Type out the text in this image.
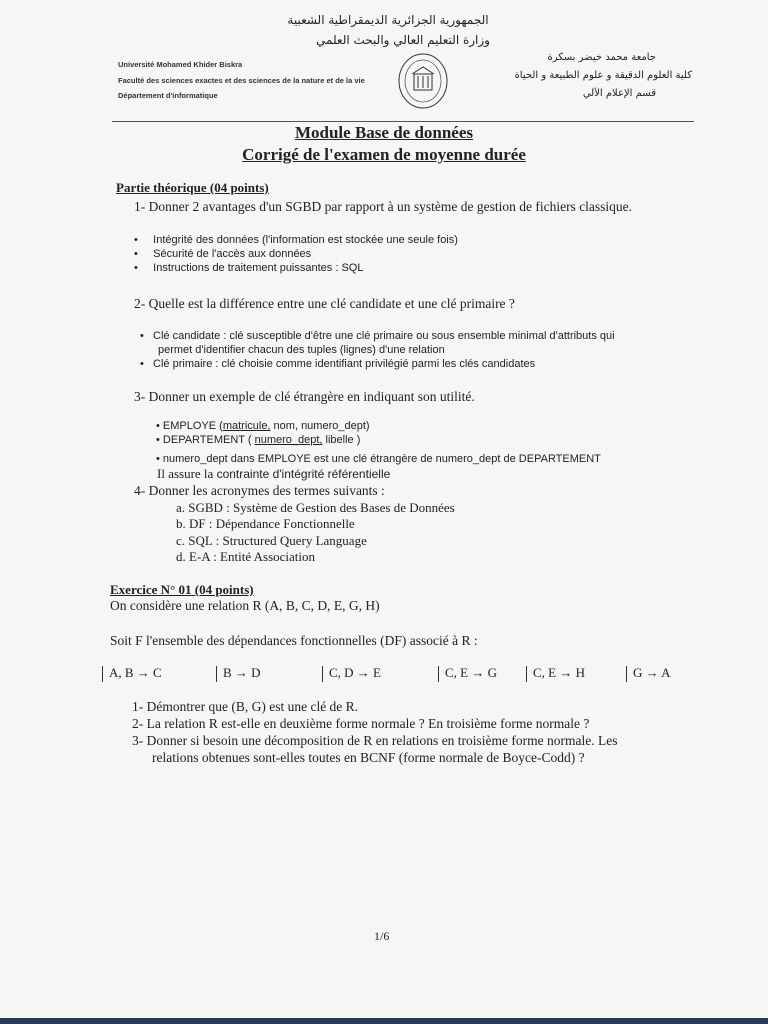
الجمهورية الجزائرية الديمقراطية الشعبية
وزارة التعليم العالي والبحث العلمي
Université Mohamed Khider Biskra
Faculté des sciences exactes et des sciences de la nature et de la vie
Département d'informatique
جامعة محمد خيضر بسكرة
كلية العلوم الدقيقة و علوم الطبيعة و الحياة
قسم الإعلام الآلي
Module Base de données
Corrigé de l'examen de moyenne durée
Partie théorique (04 points)
1- Donner 2 avantages d'un SGBD par rapport à un système de gestion de fichiers classique.
•     Intégrité des données (l'information est stockée une seule fois)
•     Sécurité de l'accès aux données
•     Instructions de traitement puissantes : SQL
2- Quelle est la différence entre une clé candidate et une clé primaire ?
•   Clé candidate : clé susceptible d'être une clé primaire ou sous ensemble minimal d'attributs qui
permet d'identifier chacun des tuples (lignes) d'une relation
•   Clé primaire : clé choisie comme identifiant privilégié parmi les clés candidates
3- Donner un exemple de clé étrangère en indiquant son utilité.
• EMPLOYE (matricule, nom, numero_dept)
• DEPARTEMENT ( numero_dept, libelle )
• numero_dept dans EMPLOYE est une clé étrangère de numero_dept de DEPARTEMENT
Il assure la contrainte d'intégrité référentielle
4- Donner les acronymes des termes suivants :
a. SGBD : Système de Gestion des Bases de Données
b. DF : Dépendance Fonctionnelle
c. SQL : Structured Query Language
d. E-A : Entité Association
Exercice N° 01 (04 points)
On considère une relation R (A, B, C, D, E, G, H)
Soit F l'ensemble des dépendances fonctionnelles (DF) associé à R :
A, B → C	B → D	C, D → E	C, E → G	C, E → H	G → A
1- Démontrer que (B, G) est une clé de R.
2- La relation R est-elle en deuxième forme normale ? En troisième forme normale ?
3- Donner si besoin une décomposition de R en relations en troisième forme normale. Les
relations obtenues sont-elles toutes en BCNF (forme normale de Boyce-Codd) ?
1/6
